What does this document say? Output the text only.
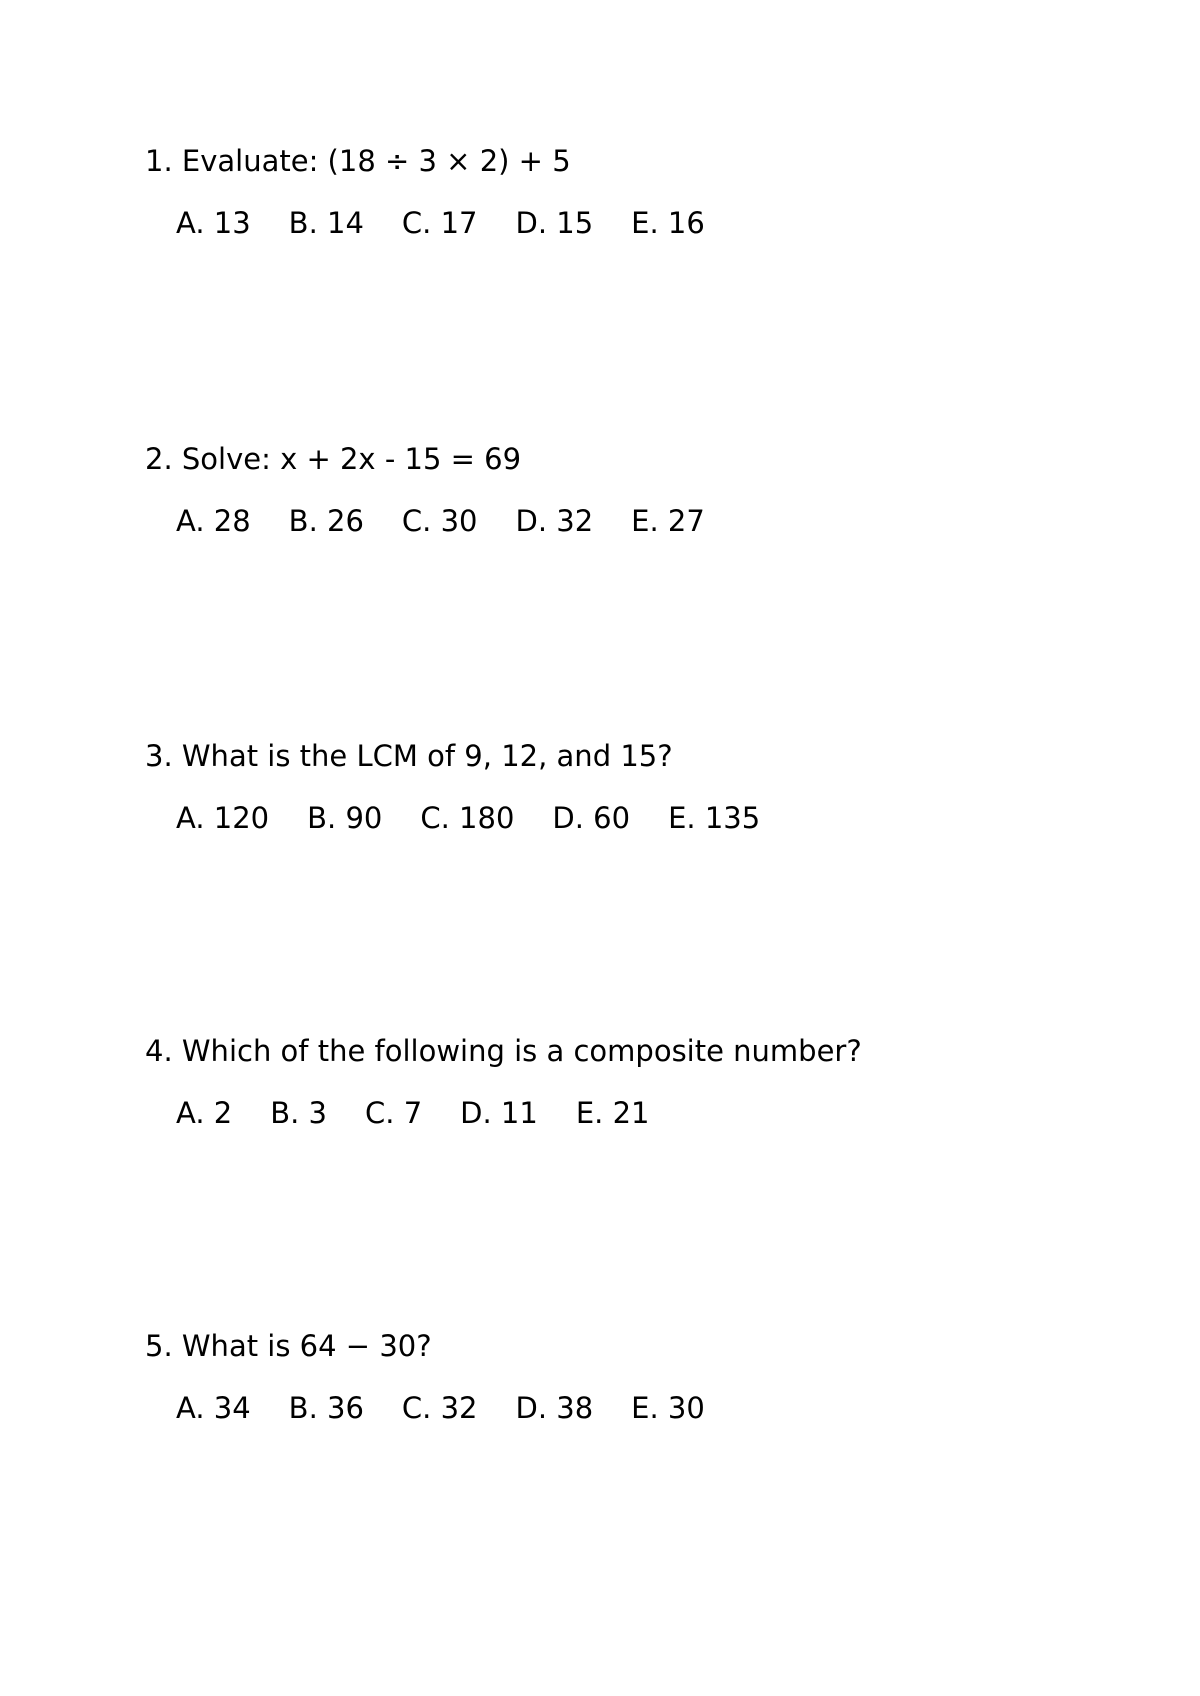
1. Evaluate: (18 ÷ 3 × 2) + 5

A. 13 B. 14 C. 17 D. 15 E. 16

2. Solve: x + 2x - 15 = 69

A. 28 B. 26 C. 30 D. 32 E. 27

3. What is the LCM of 9, 12, and 15?

A. 120 B. 90 C. 180 D. 60 E. 135

4. Which of the following is a composite number?

A. 2 B. 3 C. 7 D. 11 E. 21

5. What is 64 − 30?

A. 34 B. 36 C. 32 D. 38 E. 30
